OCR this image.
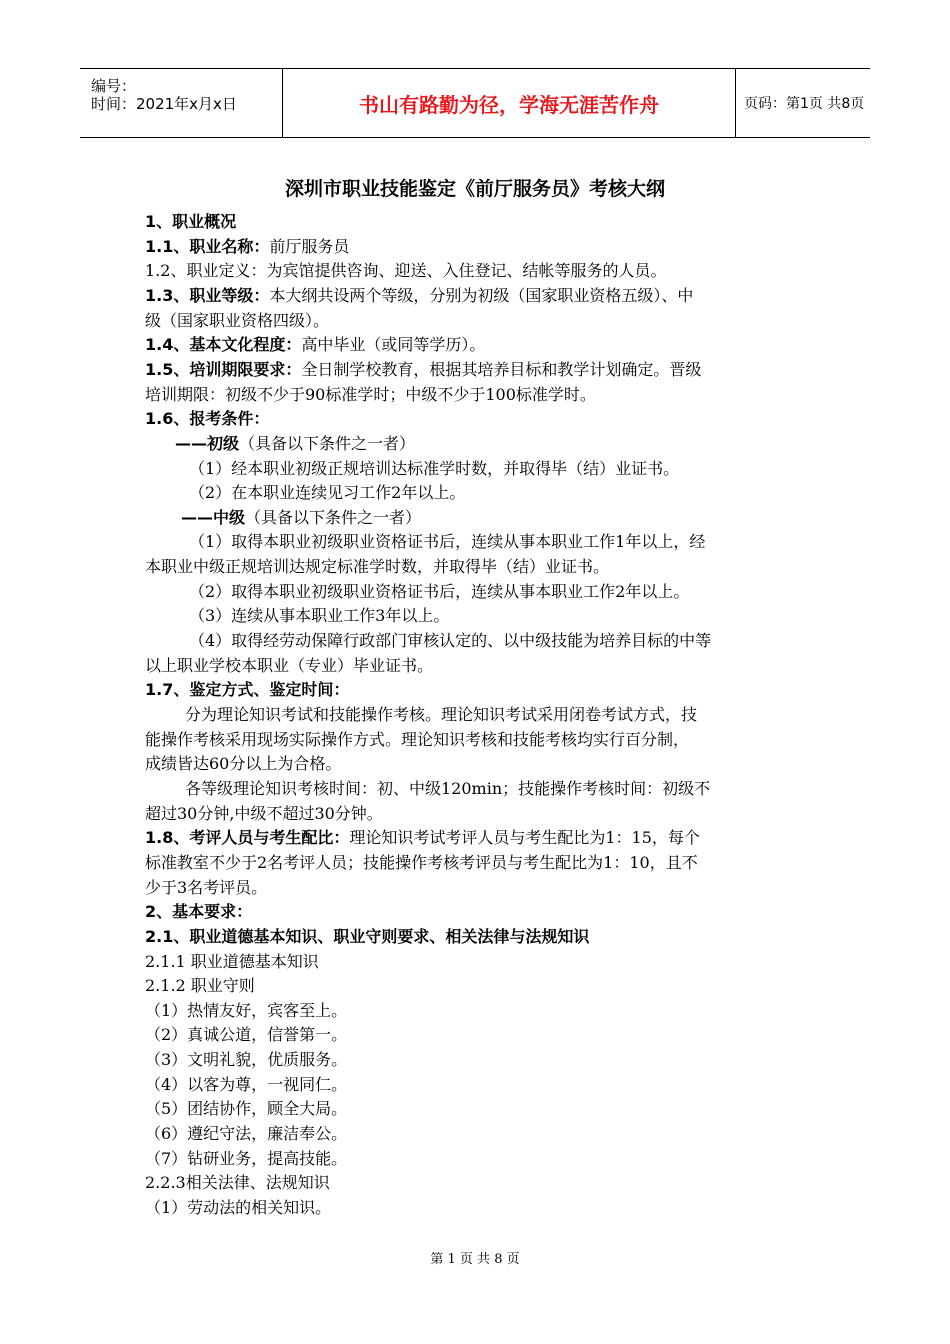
编号：
时间：2021年x月x日	书山有路勤为径，学海无涯苦作舟	页码：第1页 共8页
深圳市职业技能鉴定《前厅服务员》考核大纲
1、职业概况
1.1、职业名称：前厅服务员
1.2、职业定义：为宾馆提供咨询、迎送、入住登记、结帐等服务的人员。
1.3、职业等级：本大纲共设两个等级，分别为初级（国家职业资格五级）、中
级（国家职业资格四级）。
1.4、基本文化程度：高中毕业（或同等学历）。
1.5、培训期限要求：全日制学校教育，根据其培养目标和教学计划确定。晋级
培训期限：初级不少于90标准学时；中级不少于100标准学时。
1.6、报考条件：
——初级（具备以下条件之一者）
（1）经本职业初级正规培训达标准学时数，并取得毕（结）业证书。
（2）在本职业连续见习工作2年以上。
——中级（具备以下条件之一者）
（1）取得本职业初级职业资格证书后，连续从事本职业工作1年以上，经
本职业中级正规培训达规定标准学时数，并取得毕（结）业证书。
（2）取得本职业初级职业资格证书后，连续从事本职业工作2年以上。
（3）连续从事本职业工作3年以上。
（4）取得经劳动保障行政部门审核认定的、以中级技能为培养目标的中等
以上职业学校本职业（专业）毕业证书。
1.7、鉴定方式、鉴定时间：
分为理论知识考试和技能操作考核。理论知识考试采用闭卷考试方式，技
能操作考核采用现场实际操作方式。理论知识考核和技能考核均实行百分制，
成绩皆达60分以上为合格。
各等级理论知识考核时间：初、中级120min；技能操作考核时间：初级不
超过30分钟,中级不超过30分钟。
1.8、考评人员与考生配比：理论知识考试考评人员与考生配比为1：15，每个
标准教室不少于2名考评人员；技能操作考核考评员与考生配比为1：10，且不
少于3名考评员。
2、基本要求：
2.1、职业道德基本知识、职业守则要求、相关法律与法规知识
2.1.1 职业道德基本知识
2.1.2 职业守则
（1）热情友好，宾客至上。
（2）真诚公道，信誉第一。
（3）文明礼貌，优质服务。
（4）以客为尊，一视同仁。
（5）团结协作，顾全大局。
（6）遵纪守法，廉洁奉公。
（7）钻研业务，提高技能。
2.2.3相关法律、法规知识
（1）劳动法的相关知识。
第 1 页 共 8 页
